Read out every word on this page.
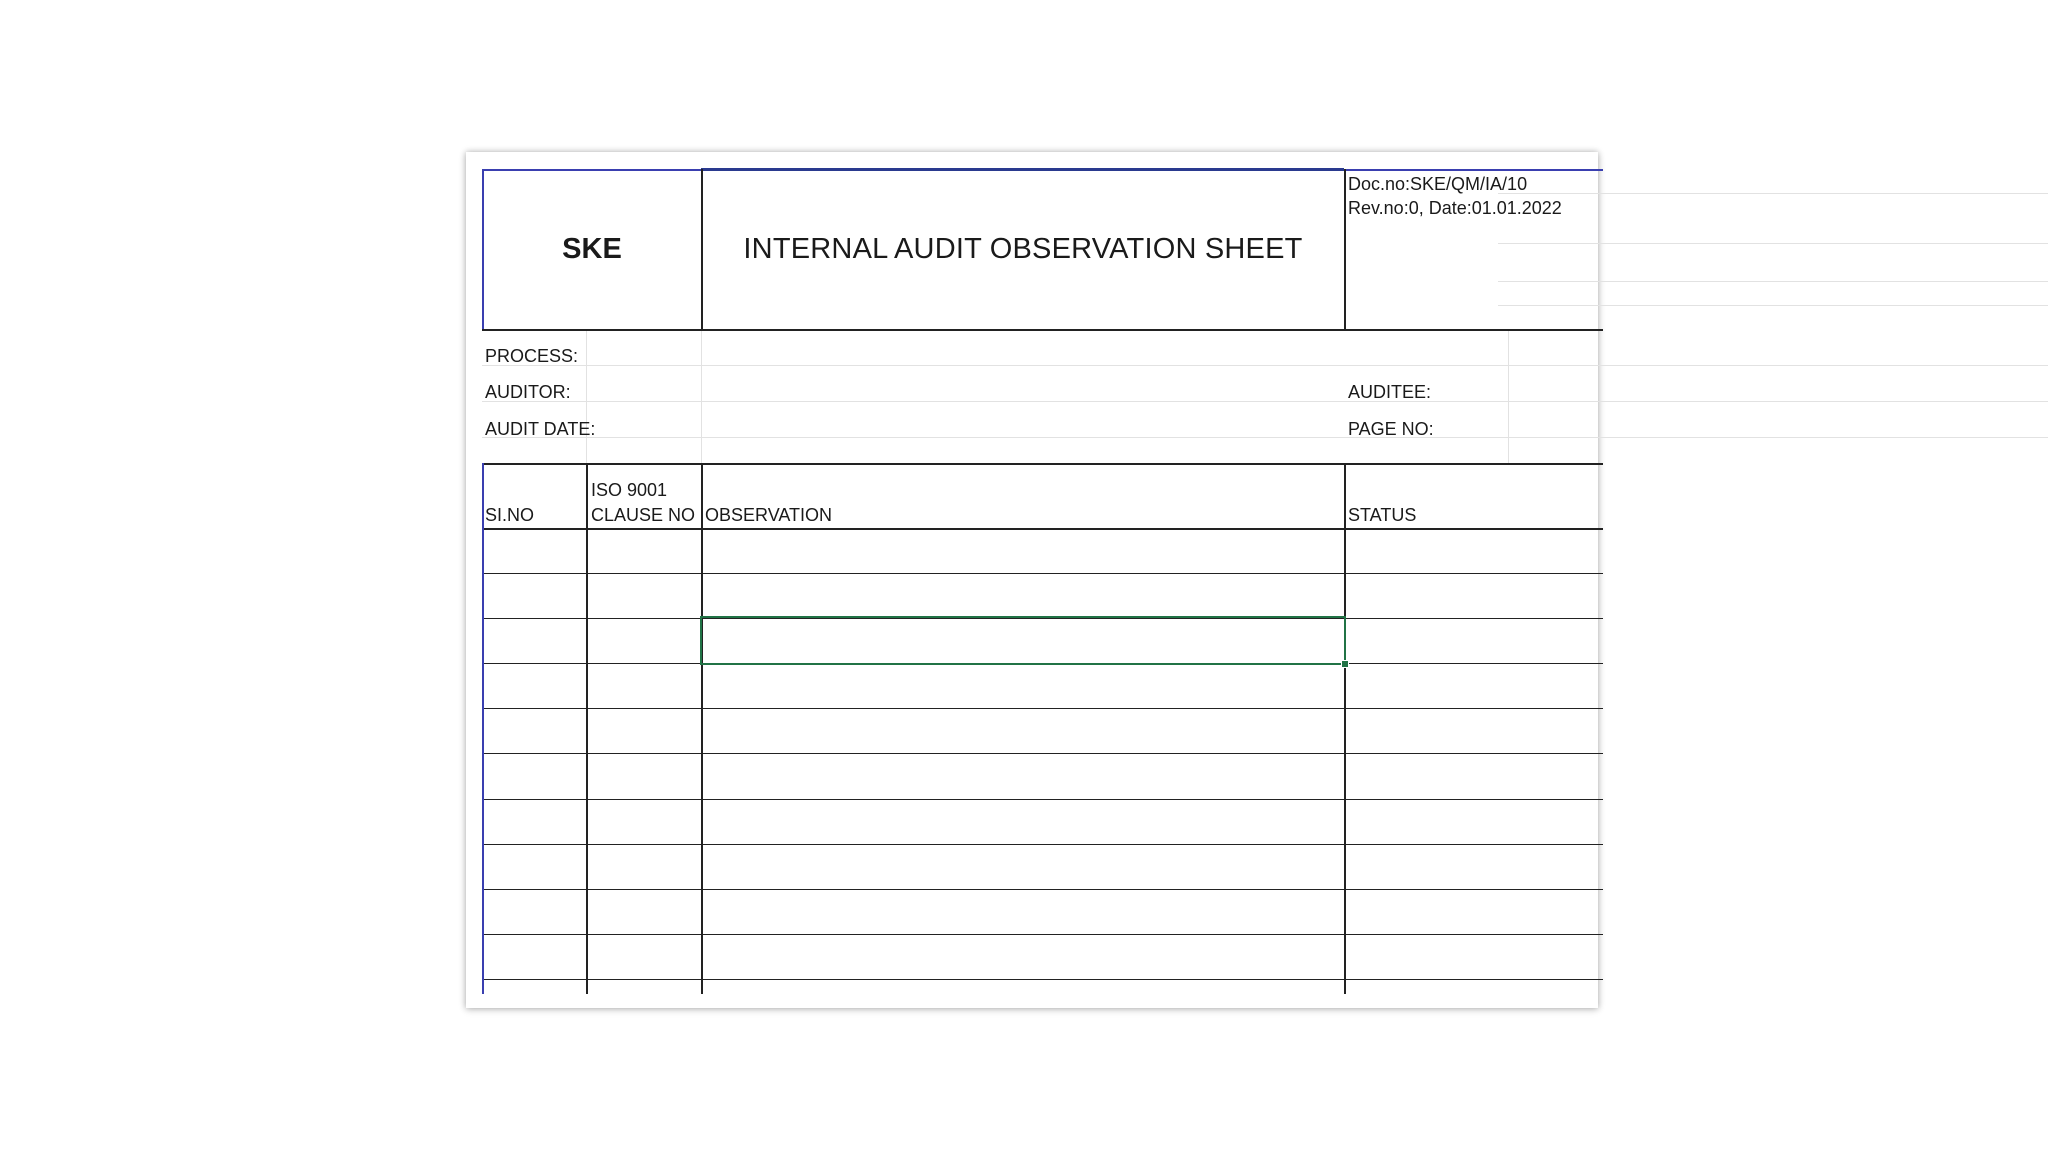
SKE	INTERNAL AUDIT OBSERVATION SHEET
Doc.no:SKE/QM/IA/10
Rev.no:0, Date:01.01.2022
PROCESS:
AUDITOR:
AUDIT DATE:
AUDITEE:
PAGE NO:
SI.NO
ISO 9001
CLAUSE NO OBSERVATION	STATUS
